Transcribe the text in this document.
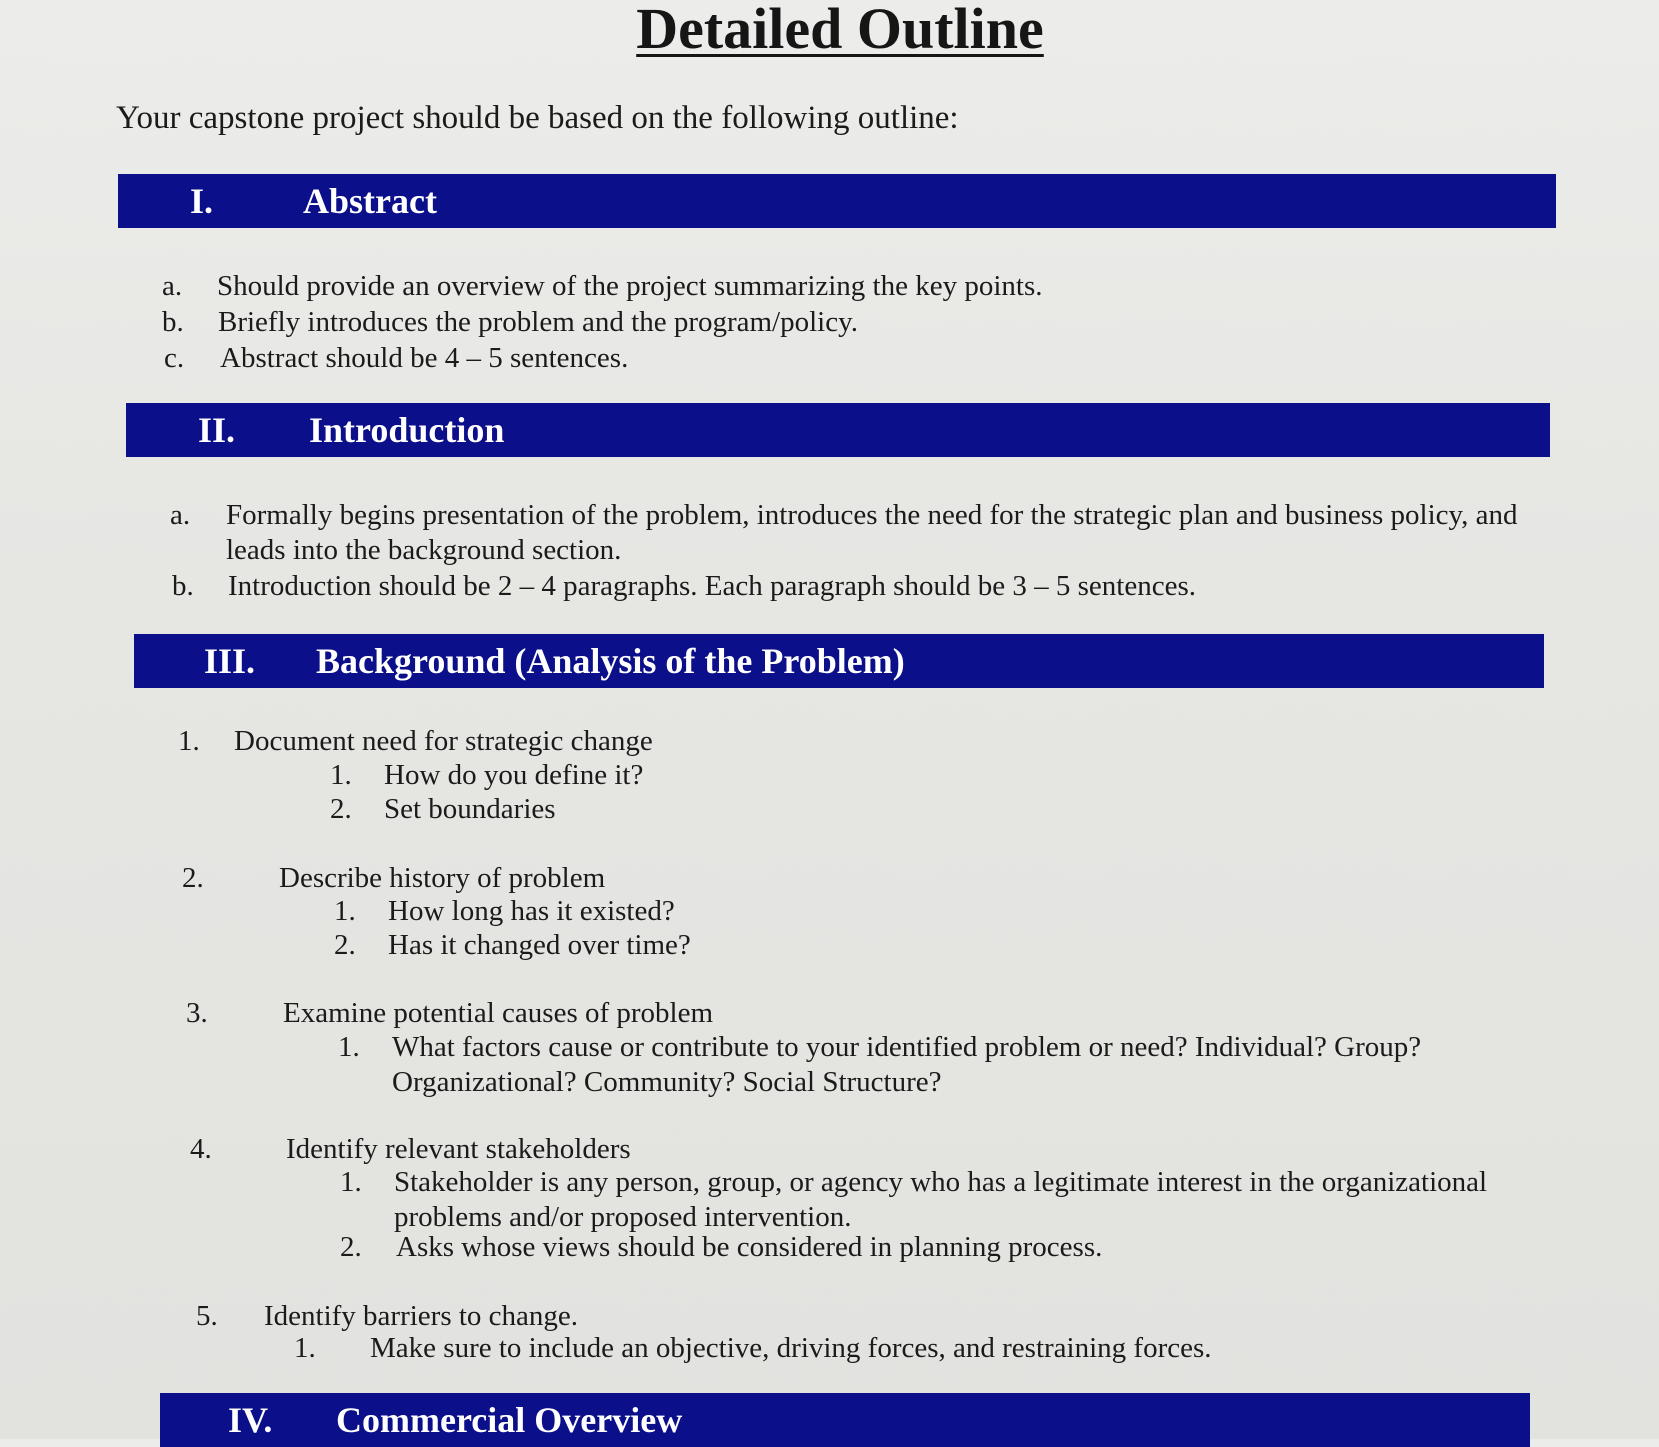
Detailed Outline
Your capstone project should be based on the following outline:
I. Abstract
a. Should provide an overview of the project summarizing the key points.
b. Briefly introduces the problem and the program/policy.
c. Abstract should be 4 – 5 sentences.
II. Introduction
a. Formally begins presentation of the problem, introduces the need for the strategic plan and business policy, and leads into the background section.
b. Introduction should be 2 – 4 paragraphs. Each paragraph should be 3 – 5 sentences.
III. Background (Analysis of the Problem)
1. Document need for strategic change
1. How do you define it?
2. Set boundaries
2.	Describe history of problem
1. How long has it existed?
2. Has it changed over time?
3.	Examine potential causes of problem
1. What factors cause or contribute to your identified problem or need? Individual? Group? Organizational? Community? Social Structure?
4.	Identify relevant stakeholders
1. Stakeholder is any person, group, or agency who has a legitimate interest in the organizational problems and/or proposed intervention.
2. Asks whose views should be considered in planning process.
5. Identify barriers to change.
1. Make sure to include an objective, driving forces, and restraining forces.
IV. Commercial Overview
